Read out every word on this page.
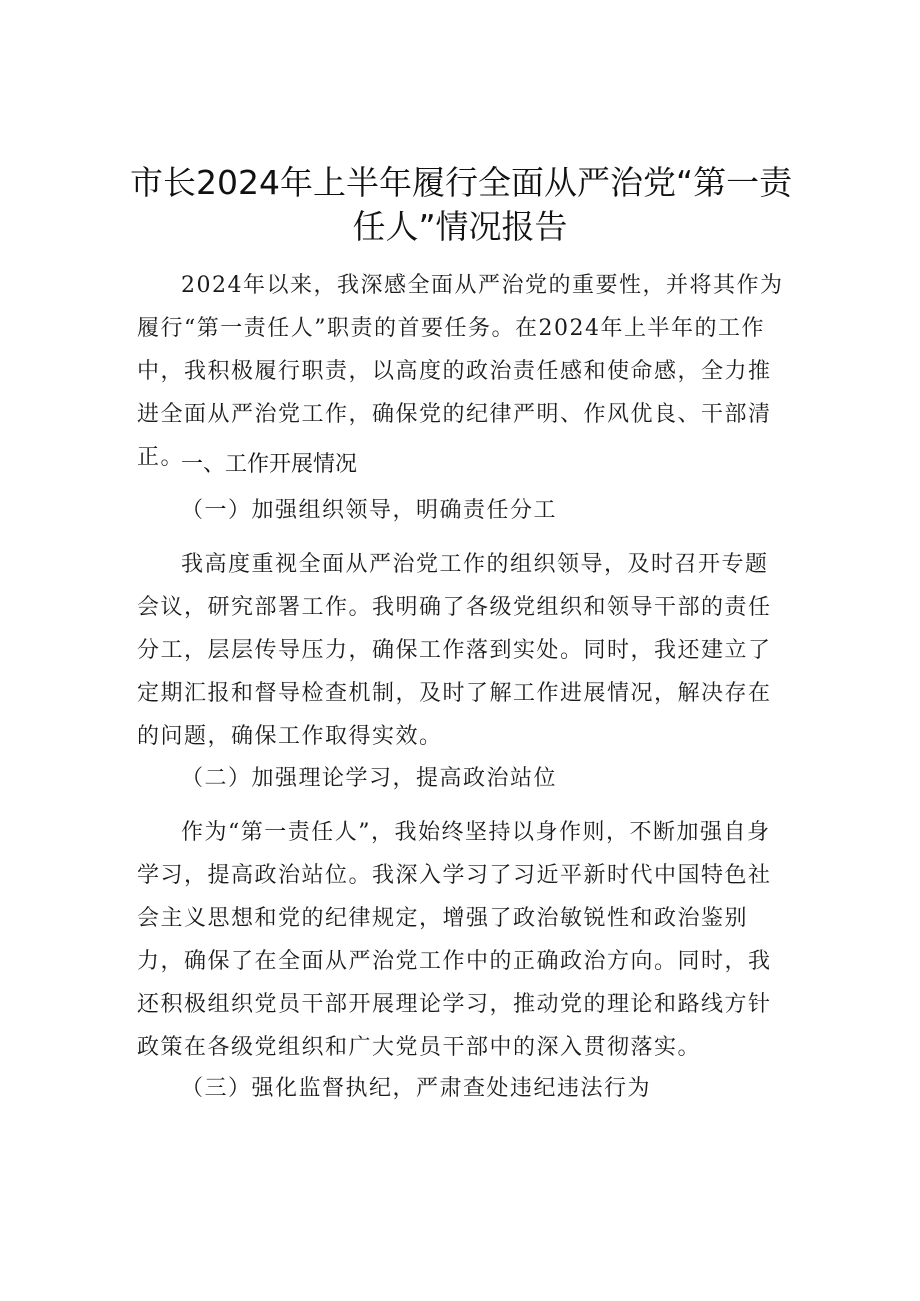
市长2024年上半年履行全面从严治党“第一责
任人”情况报告

2024年以来，我深感全面从严治党的重要性，并将其作为履行“第一责任人”职责的首要任务。在2024年上半年的工作中，我积极履行职责，以高度的政治责任感和使命感，全力推进全面从严治党工作，确保党的纪律严明、作风优良、干部清正。

一、工作开展情况
（一）加强组织领导，明确责任分工

我高度重视全面从严治党工作的组织领导，及时召开专题会议，研究部署工作。我明确了各级党组织和领导干部的责任分工，层层传导压力，确保工作落到实处。同时，我还建立了定期汇报和督导检查机制，及时了解工作进展情况，解决存在的问题，确保工作取得实效。

（二）加强理论学习，提高政治站位

作为“第一责任人”，我始终坚持以身作则，不断加强自身学习，提高政治站位。我深入学习了习近平新时代中国特色社会主义思想和党的纪律规定，增强了政治敏锐性和政治鉴别力，确保了在全面从严治党工作中的正确政治方向。同时，我还积极组织党员干部开展理论学习，推动党的理论和路线方针政策在各级党组织和广大党员干部中的深入贯彻落实。

（三）强化监督执纪，严肃查处违纪违法行为
